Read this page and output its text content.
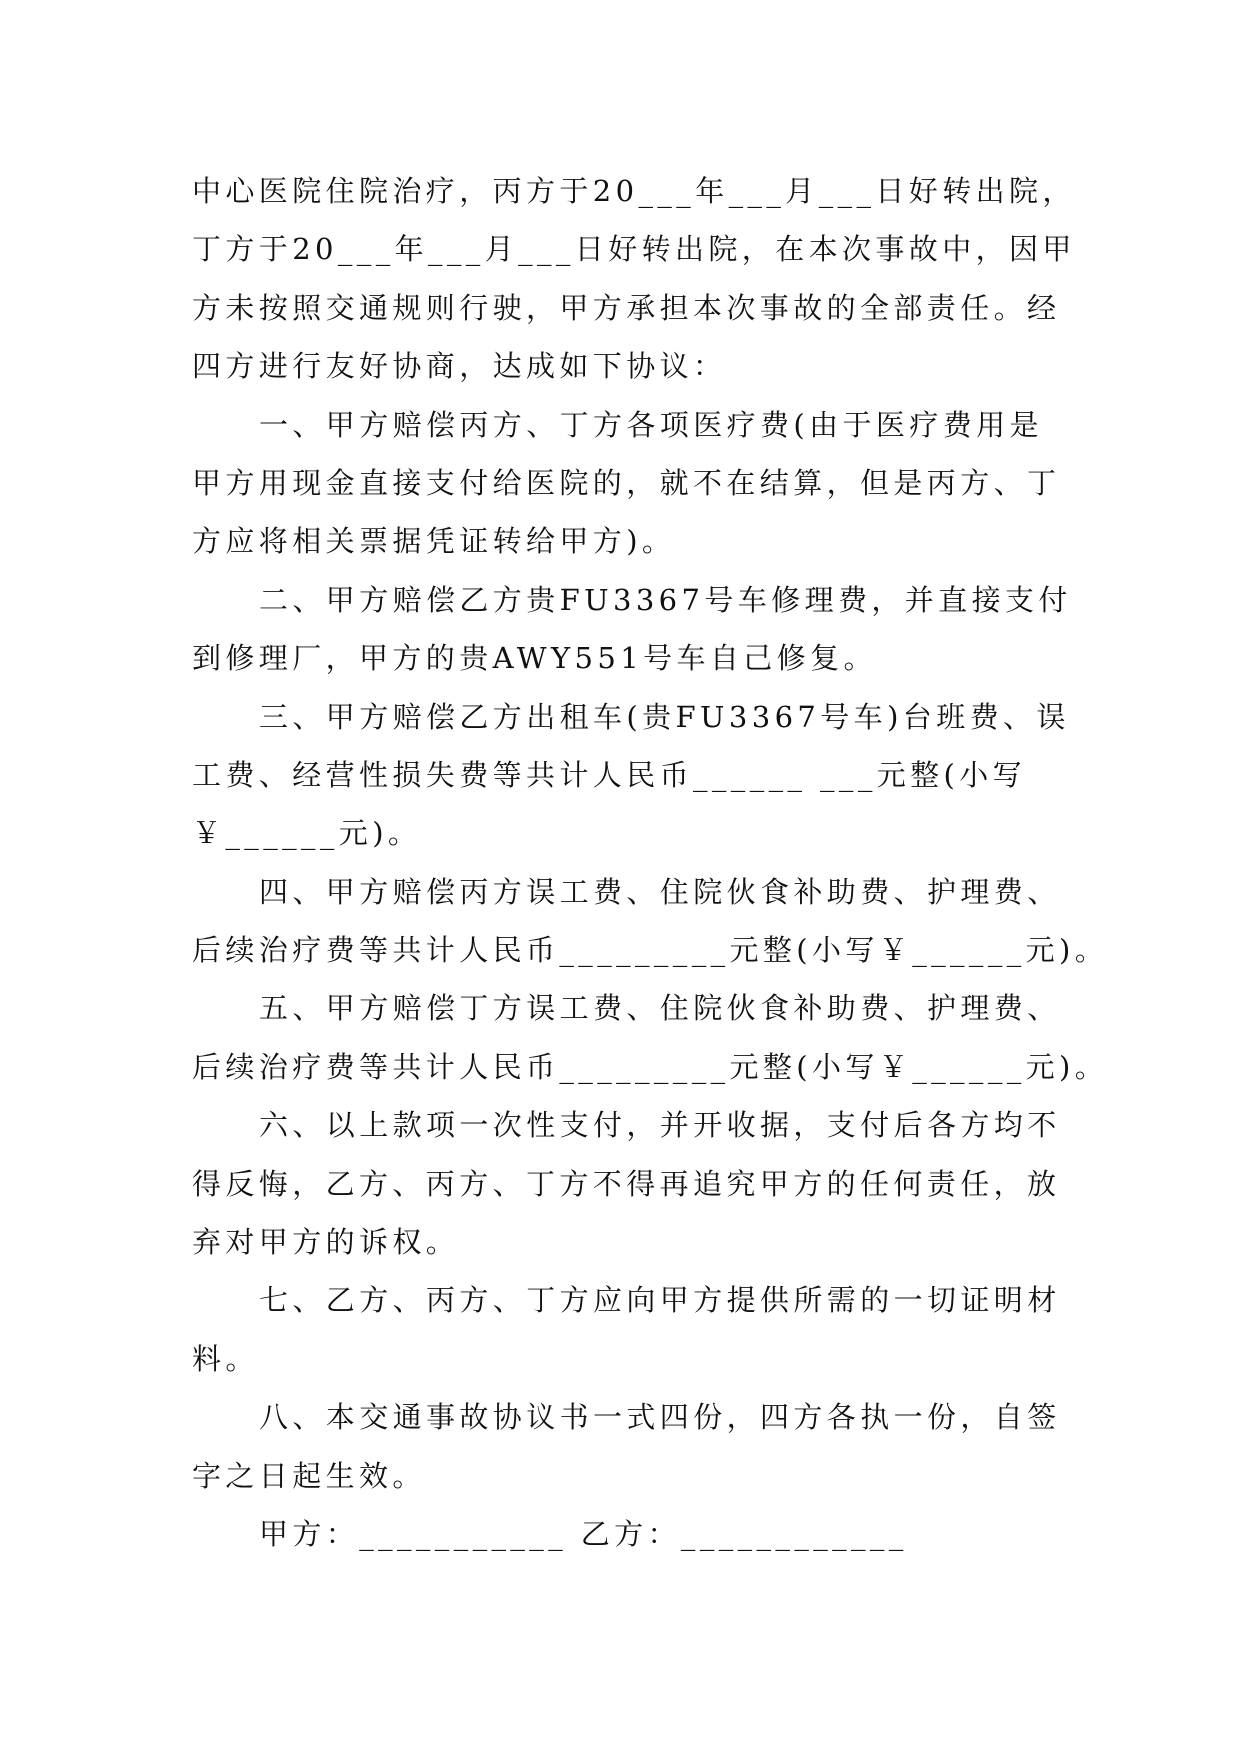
中心医院住院治疗，丙方于20___年___月___日好转出院，
丁方于20___年___月___日好转出院，在本次事故中，因甲
方未按照交通规则行驶，甲方承担本次事故的全部责任。经
四方进行友好协商，达成如下协议：
一、甲方赔偿丙方、丁方各项医疗费(由于医疗费用是
甲方用现金直接支付给医院的，就不在结算，但是丙方、丁
方应将相关票据凭证转给甲方)。
二、甲方赔偿乙方贵FU3367号车修理费，并直接支付
到修理厂，甲方的贵AWY551号车自己修复。
三、甲方赔偿乙方出租车(贵FU3367号车)台班费、误
工费、经营性损失费等共计人民币______ ___元整(小写
￥______元)。
四、甲方赔偿丙方误工费、住院伙食补助费、护理费、
后续治疗费等共计人民币_________元整(小写￥______元)。
五、甲方赔偿丁方误工费、住院伙食补助费、护理费、
后续治疗费等共计人民币_________元整(小写￥______元)。
六、以上款项一次性支付，并开收据，支付后各方均不
得反悔，乙方、丙方、丁方不得再追究甲方的任何责任，放
弃对甲方的诉权。
七、乙方、丙方、丁方应向甲方提供所需的一切证明材
料。
八、本交通事故协议书一式四份，四方各执一份，自签
字之日起生效。
甲方：___________ 乙方：____________
